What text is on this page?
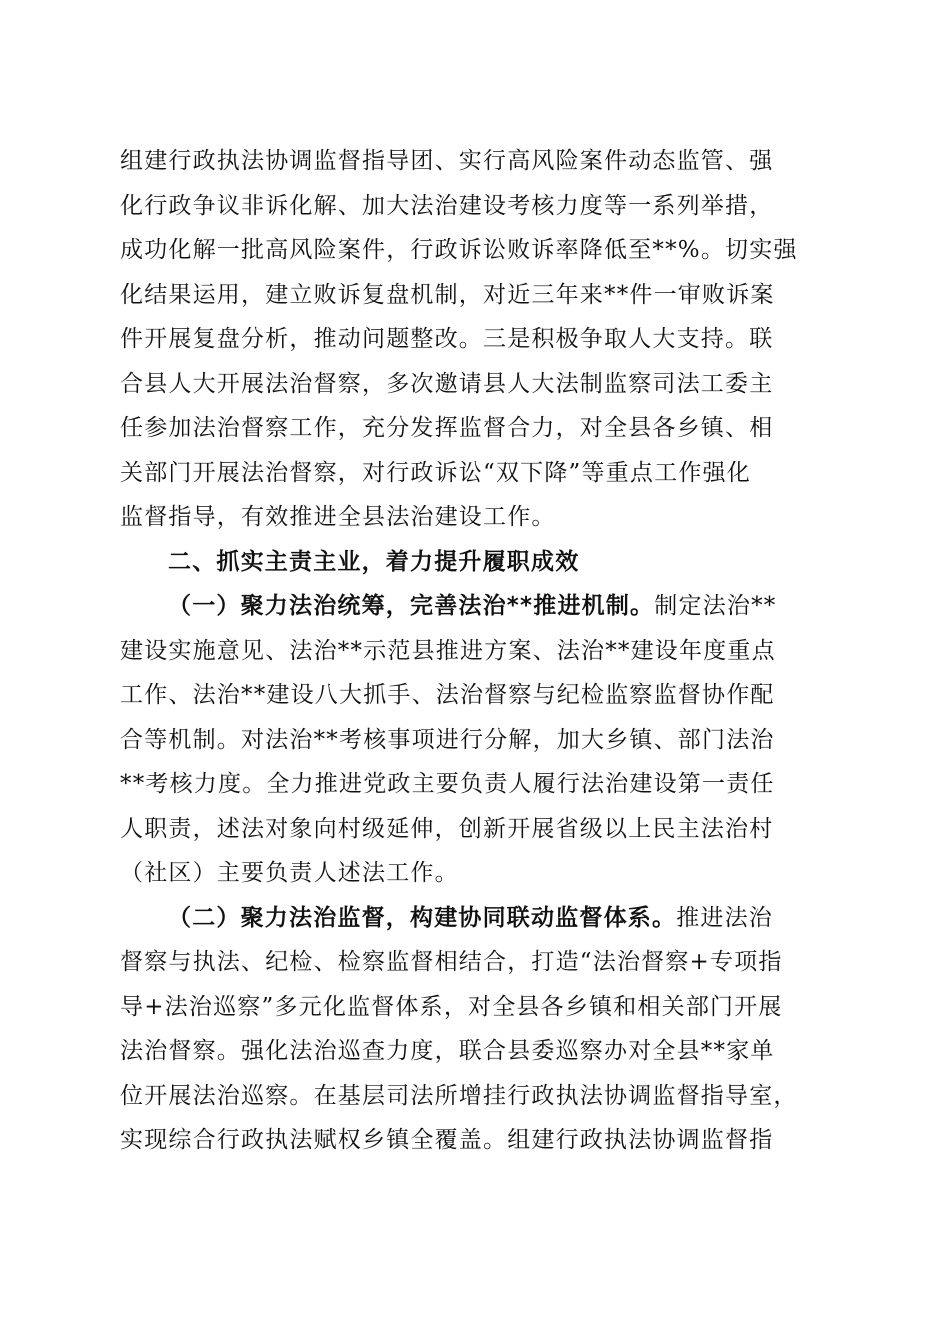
组建行政执法协调监督指导团、实行高风险案件动态监管、强
化行政争议非诉化解、加大法治建设考核力度等一系列举措，
成功化解一批高风险案件，行政诉讼败诉率降低至**%。切实强
化结果运用，建立败诉复盘机制，对近三年来**件一审败诉案
件开展复盘分析，推动问题整改。三是积极争取人大支持。联
合县人大开展法治督察，多次邀请县人大法制监察司法工委主
任参加法治督察工作，充分发挥监督合力，对全县各乡镇、相
关部门开展法治督察，对行政诉讼“双下降”等重点工作强化
监督指导，有效推进全县法治建设工作。
二、抓实主责主业，着力提升履职成效
（一）聚力法治统筹，完善法治**推进机制。制定法治**
建设实施意见、法治**示范县推进方案、法治**建设年度重点
工作、法治**建设八大抓手、法治督察与纪检监察监督协作配
合等机制。对法治**考核事项进行分解，加大乡镇、部门法治
**考核力度。全力推进党政主要负责人履行法治建设第一责任
人职责，述法对象向村级延伸，创新开展省级以上民主法治村
（社区）主要负责人述法工作。
（二）聚力法治监督，构建协同联动监督体系。推进法治
督察与执法、纪检、检察监督相结合，打造“法治督察+专项指
导+法治巡察”多元化监督体系，对全县各乡镇和相关部门开展
法治督察。强化法治巡查力度，联合县委巡察办对全县**家单
位开展法治巡察。在基层司法所增挂行政执法协调监督指导室，
实现综合行政执法赋权乡镇全覆盖。组建行政执法协调监督指
